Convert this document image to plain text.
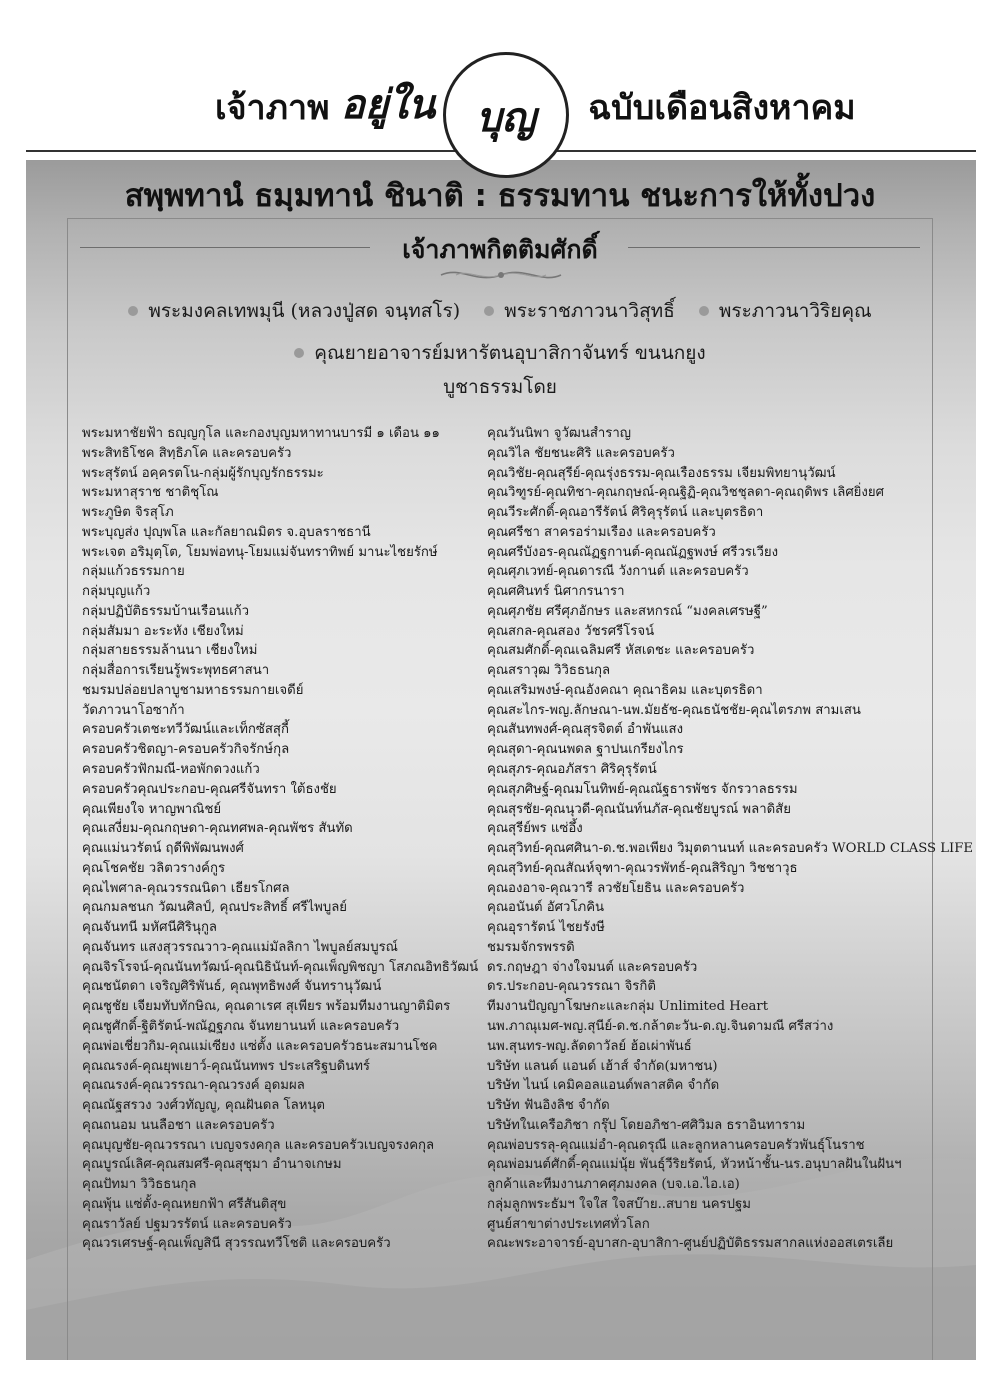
เจ้าภาพ อยู่ใน บุญ ฉบับเดือนสิงหาคม
สพฺพทานํ ธมฺมทานํ ชินาติ : ธรรมทาน ชนะการให้ทั้งปวง
เจ้าภาพกิตติมศักดิ์
พระมงคลเทพมุนี (หลวงปู่สด จนฺทสโร) พระราชภาวนาวิสุทธิ์ พระภาวนาวิริยคุณ
คุณยายอาจารย์มหารัตนอุบาสิกาจันทร์ ขนนกยูง
บูชาธรรมโดย
พระมหาชัยฟ้า ธญฺญกุโล และกองบุญมหาทานบารมี ๑ เดือน ๑๑
พระสิทธิโชค สิทฺธิภโค และครอบครัว
พระสุรัตน์ อคฺครตโน-กลุ่มผู้รักบุญรักธรรมะ
พระมหาสุราช ชาติชุโณ
พระภูษิต จิรสุโภ
พระบุญส่ง ปุญฺพโล และกัลยาณมิตร จ.อุบลราชธานี
พระเจต อริมุตฺโต, โยมพ่อทนุ-โยมแม่จันทราทิพย์ มานะไชยรักษ์
กลุ่มแก้วธรรมกาย
กลุ่มบุญแก้ว
กลุ่มปฏิบัติธรรมบ้านเรือนแก้ว
กลุ่มสัมมา อะระหัง เชียงใหม่
กลุ่มสายธรรมล้านนา เชียงใหม่
กลุ่มสื่อการเรียนรู้พระพุทธศาสนา
ชมรมปล่อยปลาบูชามหาธรรมกายเจดีย์
วัดภาวนาโอซาก้า
ครอบครัวเตชะทวีวัฒน์และเท็กซัสสุกี้
ครอบครัวชิตญา-ครอบครัวกิจรักษ์กุล
ครอบครัวฟักมณี-หอพักดวงแก้ว
ครอบครัวคุณประกอบ-คุณศรีจันทรา ใต้ธงชัย
คุณเพียงใจ หาญพาณิชย์
คุณเสงี่ยม-คุณกฤษดา-คุณทศพล-คุณพัชร สันทัด
คุณแม่นวรัตน์ ฤดีพิพัฒนพงศ์
คุณโชคชัย วลิตวรางค์กูร
คุณไพศาล-คุณวรรณนิดา เธียรโกศล
คุณกมลชนก วัฒนศิลป์, คุณประสิทธิ์ ศรีไพบูลย์
คุณจันทนี มหัศนีศิรินุกูล
คุณจันทร แสงสุวรรณวาว-คุณแม่มัลลิกา ไพบูลย์สมบูรณ์
คุณจิรโรจน์-คุณนันทวัฒน์-คุณนิธินันท์-คุณเพ็ญพิชญา โสภณอิทธิวัฒน์
คุณชนัตดา เจริญศิริพันธ์, คุณพุทธิพงศ์ จันทรานุวัฒน์
คุณชูชัย เจียมทับทักษิณ, คุณดาเรศ สุเพียร พร้อมทีมงานญาติมิตร
คุณชูศักดิ์-ฐิติรัตน์-พณัฏฐภณ จันทยานนท์ และครอบครัว
คุณพ่อเชี่ยวกิม-คุณแม่เซียง แซ่ตั้ง และครอบครัวธนะสมานโชค
คุณณรงค์-คุณยุพเยาว์-คุณนันทพร ประเสริฐบดินทร์
คุณณรงค์-คุณวรรณา-คุณวรงค์ อุดมผล
คุณณัฐสรวง วงศ์วทัญญู, คุณฝันดล โลหนุต
คุณถนอม นนลือชา และครอบครัว
คุณบุญชัย-คุณวรรณา เบญจรงคกุล และครอบครัวเบญจรงคกุล
คุณบูรณ์เลิศ-คุณสมศรี-คุณสุชุมา อำนาจเกษม
คุณปัทมา วิวิธธนกุล
คุณพุ้น แซ่ตั้ง-คุณหยกฟ้า ศรีสันติสุข
คุณราวัลย์ ปฐมวรรัตน์ และครอบครัว
คุณวรเศรษฐ์-คุณเพ็ญสินี สุวรรณทวีโชติ และครอบครัว
คุณวันนิพา จูวัฒนสำราญ
คุณวิไล ชัยชนะศิริ และครอบครัว
คุณวิชัย-คุณสุรีย์-คุณรุ่งธรรม-คุณเรืองธรรม เจียมพิทยานุวัฒน์
คุณวิฑูรย์-คุณทิชา-คุณกฤษณ์-คุณฐิฏิ-คุณวิชชุลดา-คุณฤดิพร เลิศยิ่งยศ
คุณวีระศักดิ์-คุณอารีรัตน์ ศิริคุรุรัตน์ และบุตรธิดา
คุณศรีชา สาครอร่ามเรือง และครอบครัว
คุณศรีบังอร-คุณณัฏฐกานต์-คุณณัฏฐพงษ์ ศรีวรเวียง
คุณศุภเวทย์-คุณดารณี วังกานต์ และครอบครัว
คุณศศินทร์ นิศากรนารา
คุณศุภชัย ศรีศุภอักษร และสหกรณ์ “มงคลเศรษฐี”
คุณสกล-คุณสอง วัชรศรีโรจน์
คุณสมศักดิ์-คุณเฉลิมศรี หัสเดชะ และครอบครัว
คุณสราวุฒ วิวิธธนกุล
คุณเสริมพงษ์-คุณอังคณา คุณาธิคม และบุตรธิดา
คุณสะไกร-พญ.ลักษณา-นพ.มัยธัช-คุณธนัชชัย-คุณไตรภพ สามเสน
คุณสันทพงศ์-คุณสุรจิตต์ อำพันแสง
คุณสุดา-คุณนพดล ฐาปนเกรียงไกร
คุณสุภร-คุณอภัสรา ศิริคุรุรัตน์
คุณสุภศิษฐ์-คุณมโนทิพย์-คุณณัฐธารพัชร จักรวาลธรรม
คุณสุรชัย-คุณนุวดี-คุณนันท์นภัส-คุณชัยบูรณ์ พลาดิสัย
คุณสุรีย์พร แซ่อึ้ง
คุณสุวิทย์-คุณศศินา-ด.ช.พอเพียง วิมุตตานนท์ และครอบครัว WORLD CLASS LIFE
คุณสุวิทย์-คุณสัณห์จุฑา-คุณวรพัทธ์-คุณสิริญา วิชชาวุธ
คุณองอาจ-คุณวารี ลวชัยโยธิน และครอบครัว
คุณอนันต์ อัศวโภคิน
คุณอุรารัตน์ ไชยรังษี
ชมรมจักรพรรดิ
ดร.กฤษฎา จ่างใจมนต์ และครอบครัว
ดร.ประกอบ-คุณวรรณา จิรกิติ
ทีมงานปัญญาโฆษกะและกลุ่ม Unlimited Heart
นพ.ภาณุเมศ-พญ.สุนีย์-ด.ช.กล้าตะวัน-ด.ญ.จินดามณี ศรีสว่าง
นพ.สุนทร-พญ.ลัดดาวัลย์ ฮ้อเผ่าพันธ์
บริษัท แลนด์ แอนด์ เฮ้าส์ จำกัด(มหาชน)
บริษัท ไนน์ เคมิคอลแอนด์พลาสติค จำกัด
บริษัท ฟันอิงลิช จำกัด
บริษัทในเครือภิชา กรุ๊ป โดยอภิชา-ศศิวิมล ธราอินทาราม
คุณพ่อบรรลุ-คุณแม่อำ-คุณดรุณี และลูกหลานครอบครัวพันธุ์โนราช
คุณพ่อมนต์ศักดิ์-คุณแม่นุ้ย พันธุ์วีริยรัตน์, หัวหน้าชั้น-นร.อนุบาลฝันในฝันฯ
ลูกค้าและทีมงานภาคศุภมงคล (บจ.เอ.ไอ.เอ)
กลุ่มลูกพระธัมฯ ใจใส ใจสบ๊าย..สบาย นครปฐม
ศูนย์สาขาต่างประเทศทั่วโลก
คณะพระอาจารย์-อุบาสก-อุบาสิกา-ศูนย์ปฏิบัติธรรมสากลแห่งออสเตรเลีย
